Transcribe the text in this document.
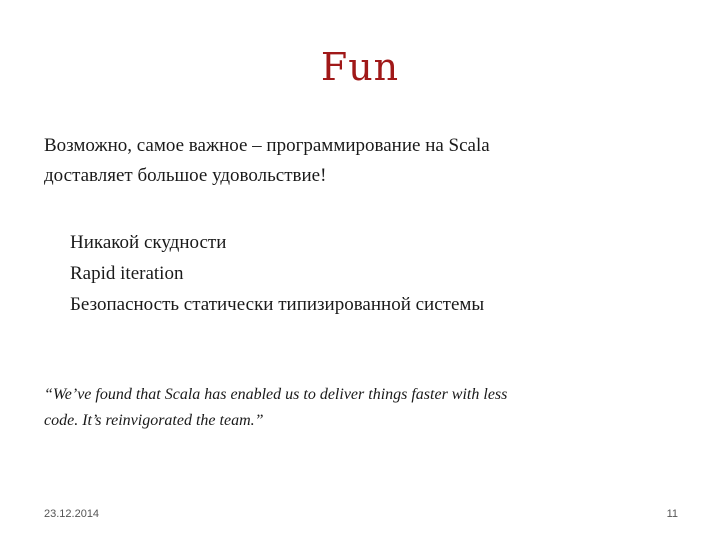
Fun
Возможно, самое важное – программирование на Scala
доставляет большое удовольствие!
Никакой скудности
Rapid iteration
Безопасность статически типизированной системы
“We’ve found that Scala has enabled us to deliver things faster with less
code. It’s reinvigorated the team.”
23.12.2014	11
